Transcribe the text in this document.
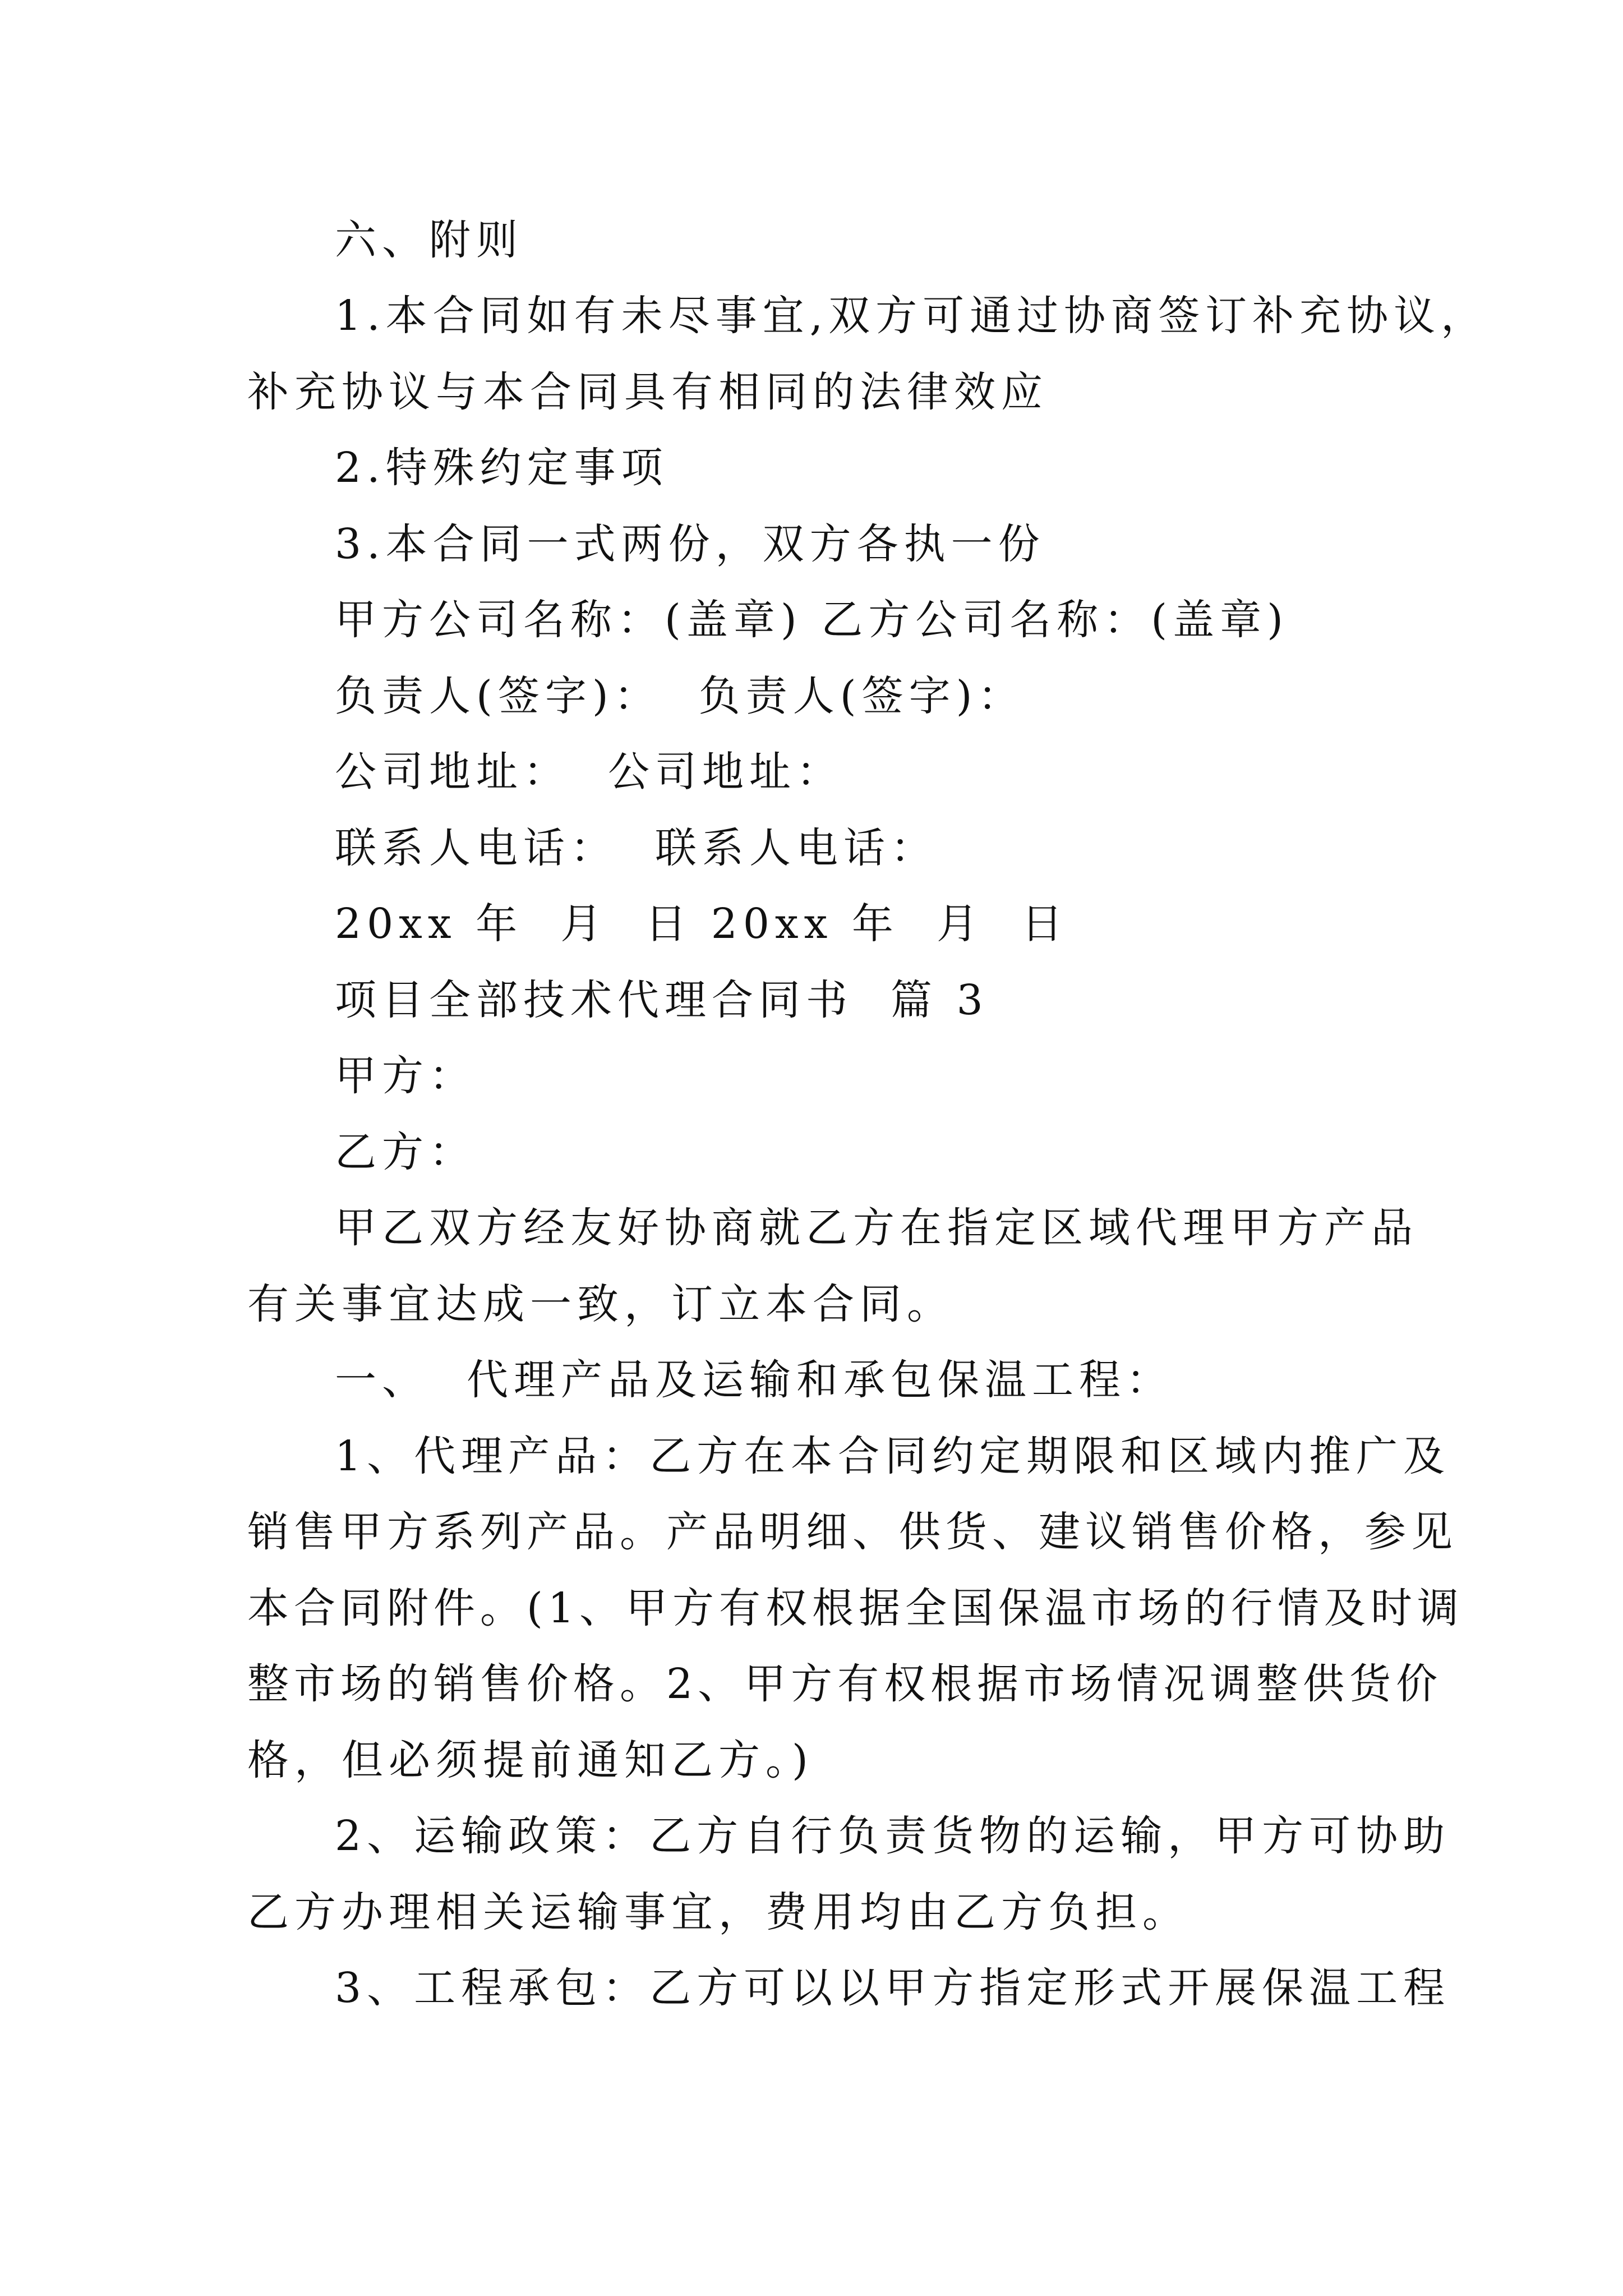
六、附则
1.本合同如有未尽事宜,双方可通过协商签订补充协议，
补充协议与本合同具有相同的法律效应
2.特殊约定事项
3.本合同一式两份，双方各执一份
甲方公司名称：(盖章) 乙方公司名称：(盖章)
负责人(签字)：  负责人(签字)：
公司地址：  公司地址：
联系人电话：  联系人电话：
20xx 年  月  日 20xx 年  月  日
项目全部技术代理合同书  篇 3
甲方：
乙方：
甲乙双方经友好协商就乙方在指定区域代理甲方产品
有关事宜达成一致，订立本合同。
一、  代理产品及运输和承包保温工程：
1、代理产品：乙方在本合同约定期限和区域内推广及
销售甲方系列产品。产品明细、供货、建议销售价格，参见
本合同附件。(1、甲方有权根据全国保温市场的行情及时调
整市场的销售价格。2、甲方有权根据市场情况调整供货价
格，但必须提前通知乙方。)
2、运输政策：乙方自行负责货物的运输，甲方可协助
乙方办理相关运输事宜，费用均由乙方负担。
3、工程承包：乙方可以以甲方指定形式开展保温工程
